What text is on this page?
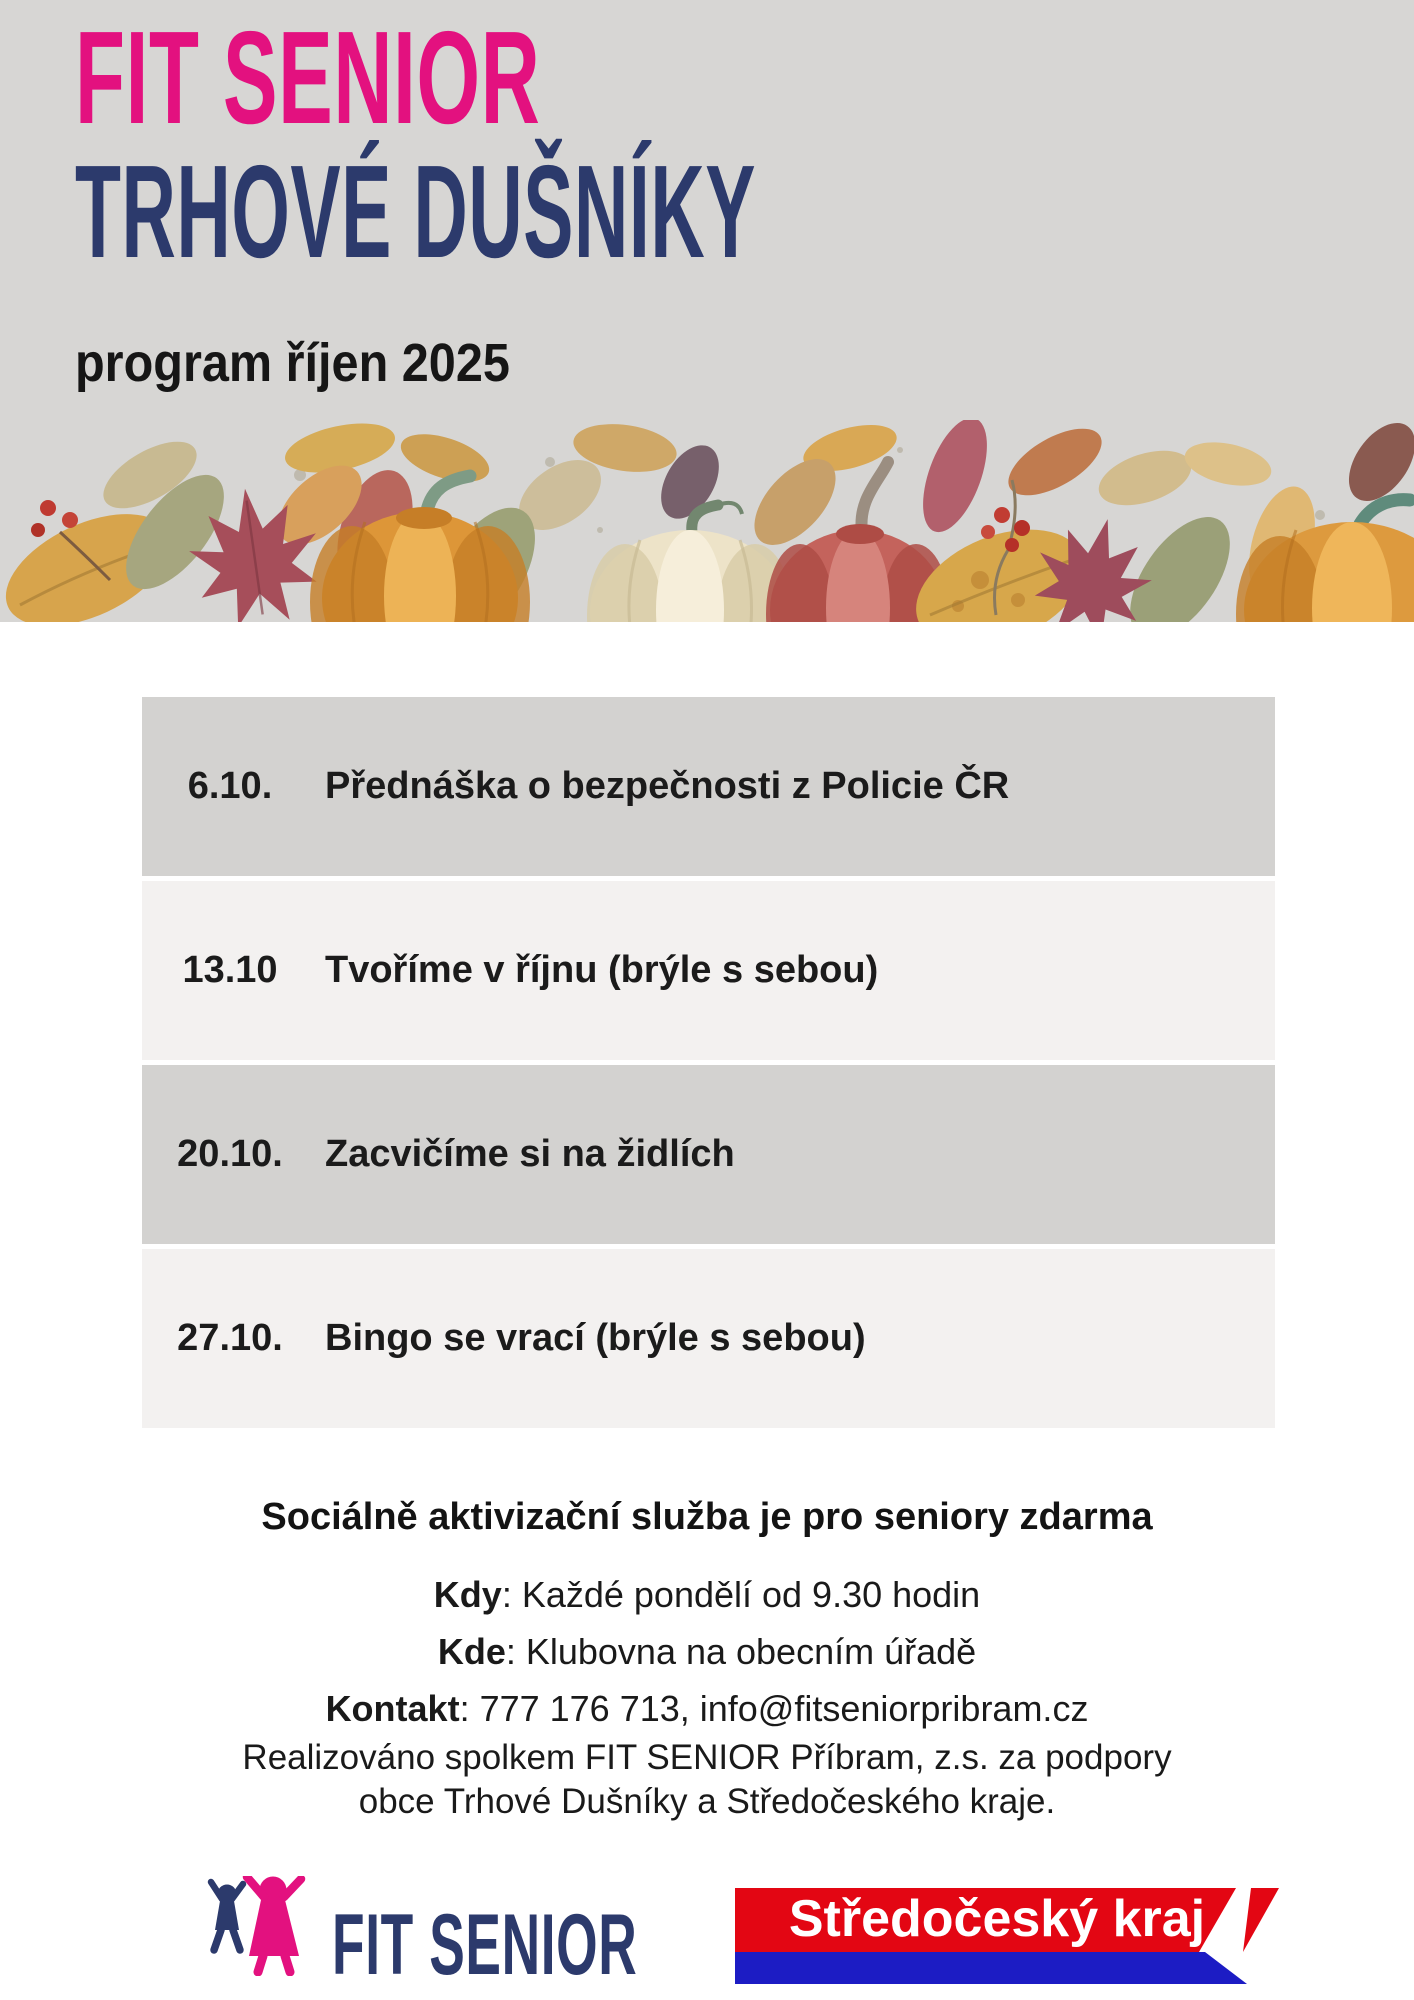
FIT SENIOR
TRHOVÉ DUŠNÍKY
program říjen 2025
6.10.	Přednáška o bezpečnosti z Policie ČR
13.10 Tvoříme v říjnu (brýle s sebou)
20.10. Zacvičíme si na židlích
27.10. Bingo se vrací (brýle s sebou)
Sociálně aktivizační služba je pro seniory zdarma
Kdy: Každé pondělí od 9.30 hodin
Kde: Klubovna na obecním úřadě
Kontakt: 777 176 713, info@fitseniorpribram.cz
Realizováno spolkem FIT SENIOR Příbram, z.s. za podpory
obce Trhové Dušníky a Středočeského kraje.
FIT SENIOR	Středočeský kraj
